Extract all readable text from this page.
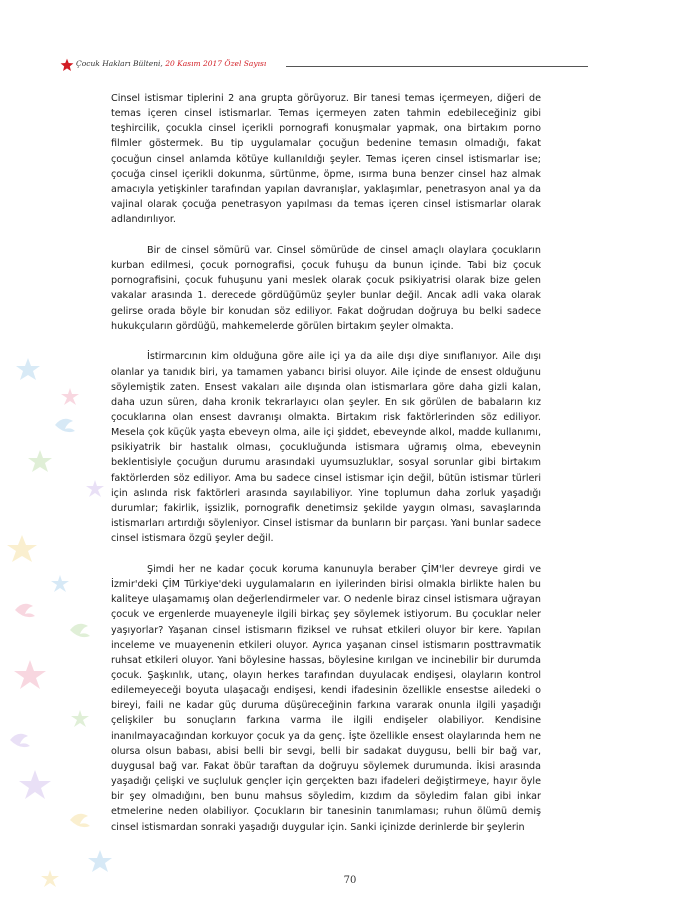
Çocuk Hakları Bülteni, 20 Kasım 2017 Özel Sayısı

Cinsel istismar tiplerini 2 ana grupta görüyoruz. Bir tanesi temas içermeyen, diğeri de temas içeren cinsel istismarlar. Temas içermeyen zaten tahmin edebileceğiniz gibi teşhircilik, çocukla cinsel içerikli pornografi konuşmalar yapmak, ona birtakım porno filmler göstermek. Bu tip uygulamalar çocuğun bedenine temasın olmadığı, fakat çocuğun cinsel anlamda kötüye kullanıldığı şeyler. Temas içeren cinsel istismarlar ise; çocuğa cinsel içerikli dokunma, sürtünme, öpme, ısırma buna benzer cinsel haz almak amacıyla yetişkinler tarafından yapılan davranışlar, yaklaşımlar, penetrasyon anal ya da vajinal olarak çocuğa penetrasyon yapılması da temas içeren cinsel istismarlar olarak adlandırılıyor.

Bir de cinsel sömürü var. Cinsel sömürüde de cinsel amaçlı olaylara çocukların kurban edilmesi, çocuk pornografisi, çocuk fuhuşu da bunun içinde. Tabi biz çocuk pornografisini, çocuk fuhuşunu yani meslek olarak çocuk psikiyatrisi olarak bize gelen vakalar arasında 1. derecede gördüğümüz şeyler bunlar değil. Ancak adli vaka olarak gelirse orada böyle bir konudan söz ediliyor. Fakat doğrudan doğruya bu belki sadece hukukçuların gördüğü, mahkemelerde görülen birtakım şeyler olmakta.

İstirmarcının kim olduğuna göre aile içi ya da aile dışı diye sınıflanıyor. Aile dışı olanlar ya tanıdık biri, ya tamamen yabancı birisi oluyor. Aile içinde de ensest olduğunu söylemiştik zaten. Ensest vakaları aile dışında olan istismarlara göre daha gizli kalan, daha uzun süren, daha kronik tekrarlayıcı olan şeyler. En sık görülen de babaların kız çocuklarına olan ensest davranışı olmakta. Birtakım risk faktörlerinden söz ediliyor. Mesela çok küçük yaşta ebeveyn olma, aile içi şiddet, ebeveynde alkol, madde kullanımı, psikiyatrik bir hastalık olması, çocukluğunda istismara uğramış olma, ebeveynin beklentisiyle çocuğun durumu arasındaki uyumsuzluklar, sosyal sorunlar gibi birtakım faktörlerden söz ediliyor. Ama bu sadece cinsel istismar için değil, bütün istismar türleri için aslında risk faktörleri arasında sayılabiliyor. Yine toplumun daha zorluk yaşadığı durumlar; fakirlik, işsizlik, pornografik denetimsiz şekilde yaygın olması, savaşlarında istismarları artırdığı söyleniyor. Cinsel istismar da bunların bir parçası. Yani bunlar sadece cinsel istismara özgü şeyler değil.

Şimdi her ne kadar çocuk koruma kanunuyla beraber ÇİM'ler devreye girdi ve İzmir'deki ÇİM Türkiye'deki uygulamaların en iyilerinden birisi olmakla birlikte halen bu kaliteye ulaşamamış olan değerlendirmeler var. O nedenle biraz cinsel istismara uğrayan çocuk ve ergenlerde muayeneyle ilgili birkaç şey söylemek istiyorum. Bu çocuklar neler yaşıyorlar? Yaşanan cinsel istismarın fiziksel ve ruhsat etkileri oluyor bir kere. Yapılan inceleme ve muayenenin etkileri oluyor. Ayrıca yaşanan cinsel istismarın posttravmatik ruhsat etkileri oluyor. Yani böylesine hassas, böylesine kırılgan ve incinebilir bir durumda çocuk. Şaşkınlık, utanç, olayın herkes tarafından duyulacak endişesi, olayların kontrol edilemeyeceği boyuta ulaşacağı endişesi, kendi ifadesinin özellikle ensestse ailedeki o bireyi, faili ne kadar güç duruma düşüreceğinin farkına vararak onunla ilgili yaşadığı çelişkiler bu sonuçların farkına varma ile ilgili endişeler olabiliyor. Kendisine inanılmayacağından korkuyor çocuk ya da genç. İşte özellikle ensest olaylarında hem ne olursa olsun babası, abisi belli bir sevgi, belli bir sadakat duygusu, belli bir bağ var, duygusal bağ var. Fakat öbür taraftan da doğruyu söylemek durumunda. İkisi arasında yaşadığı çelişki ve suçluluk gençler için gerçekten bazı ifadeleri değiştirmeye, hayır öyle bir şey olmadığını, ben bunu mahsus söyledim, kızdım da söyledim falan gibi inkar etmelerine neden olabiliyor. Çocukların bir tanesinin tanımlaması; ruhun ölümü demiş cinsel istismardan sonraki yaşadığı duygular için. Sanki içinizde derinlerde bir şeylerin

70
